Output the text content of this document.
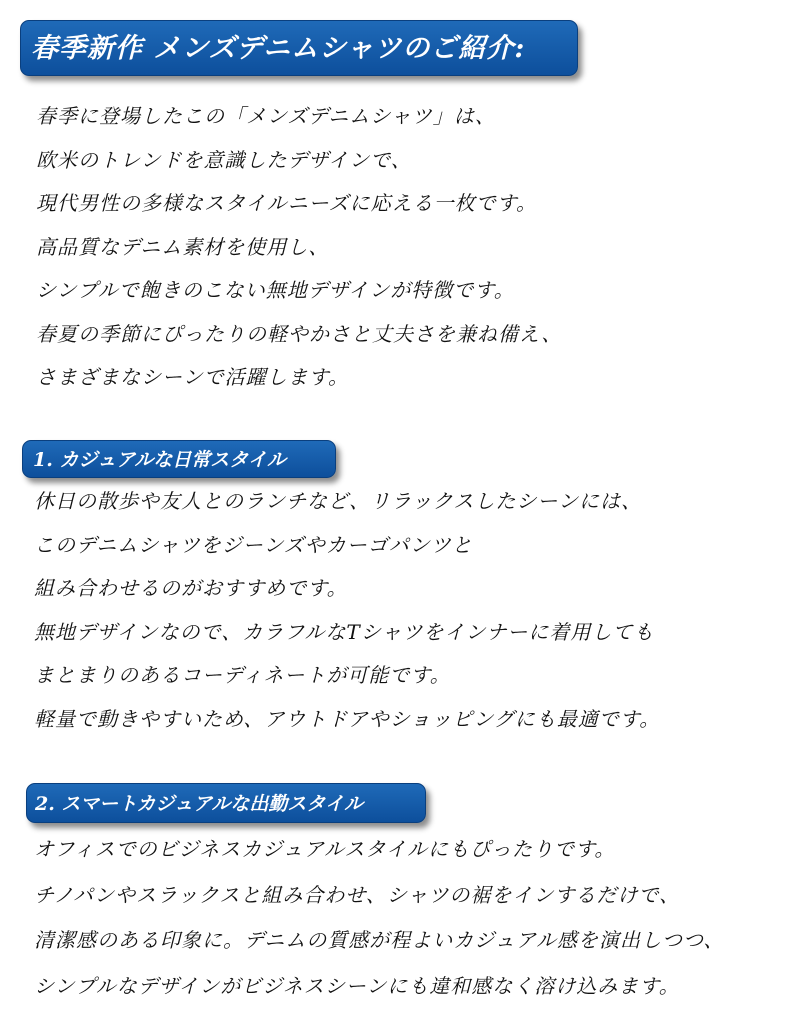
春季新作 メンズデニムシャツのご紹介:
春季に登場したこの「メンズデニムシャツ」は、
欧米のトレンドを意識したデザインで、
現代男性の多様なスタイルニーズに応える一枚です。
高品質なデニム素材を使用し、
シンプルで飽きのこない無地デザインが特徴です。
春夏の季節にぴったりの軽やかさと丈夫さを兼ね備え、
さまざまなシーンで活躍します。
1. カジュアルな日常スタイル
休日の散歩や友人とのランチなど、リラックスしたシーンには、
このデニムシャツをジーンズやカーゴパンツと
組み合わせるのがおすすめです。
無地デザインなので、カラフルなTシャツをインナーに着用しても
まとまりのあるコーディネートが可能です。
軽量で動きやすいため、アウトドアやショッピングにも最適です。
2. スマートカジュアルな出勤スタイル
オフィスでのビジネスカジュアルスタイルにもぴったりです。
チノパンやスラックスと組み合わせ、シャツの裾をインするだけで、
清潔感のある印象に。デニムの質感が程よいカジュアル感を演出しつつ、
シンプルなデザインがビジネスシーンにも違和感なく溶け込みます。
